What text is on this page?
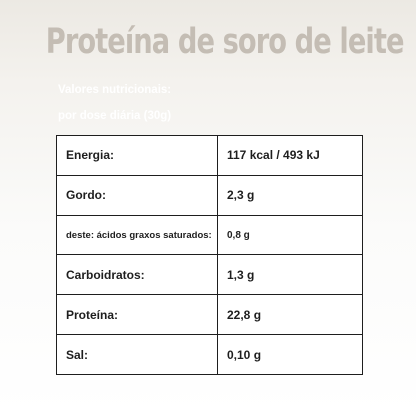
Proteína de soro de leite
Valores nutricionais:
por dose diária (30g)
Energia:	117 kcal / 493 kJ
Gordo:	2,3 g
deste: ácidos graxos saturados:	0,8 g
Carboidratos:	1,3 g
Proteína:	22,8 g
Sal:	0,10 g
